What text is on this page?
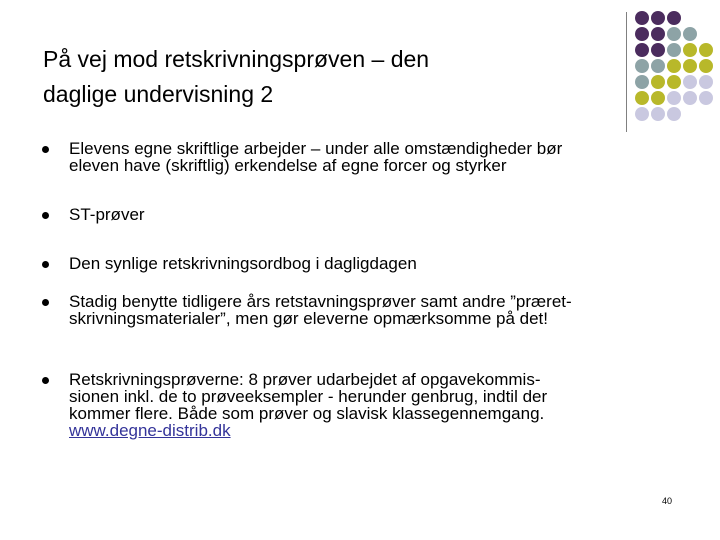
På vej mod retskrivningsprøven – den
daglige undervisning 2
Elevens egne skriftlige arbejder – under alle omstændigheder bør
eleven have (skriftlig) erkendelse af egne forcer og styrker
ST-prøver
Den synlige retskrivningsordbog i dagligdagen
Stadig benytte tidligere års retstavningsprøver samt andre ”præret-
skrivningsmaterialer”, men gør eleverne opmærksomme på det!
Retskrivningsprøverne: 8 prøver udarbejdet af opgavekommis-
sionen inkl. de to prøveeksempler - herunder genbrug, indtil der
kommer flere. Både som prøver og slavisk klassegennemgang.
www.degne-distrib.dk
40
